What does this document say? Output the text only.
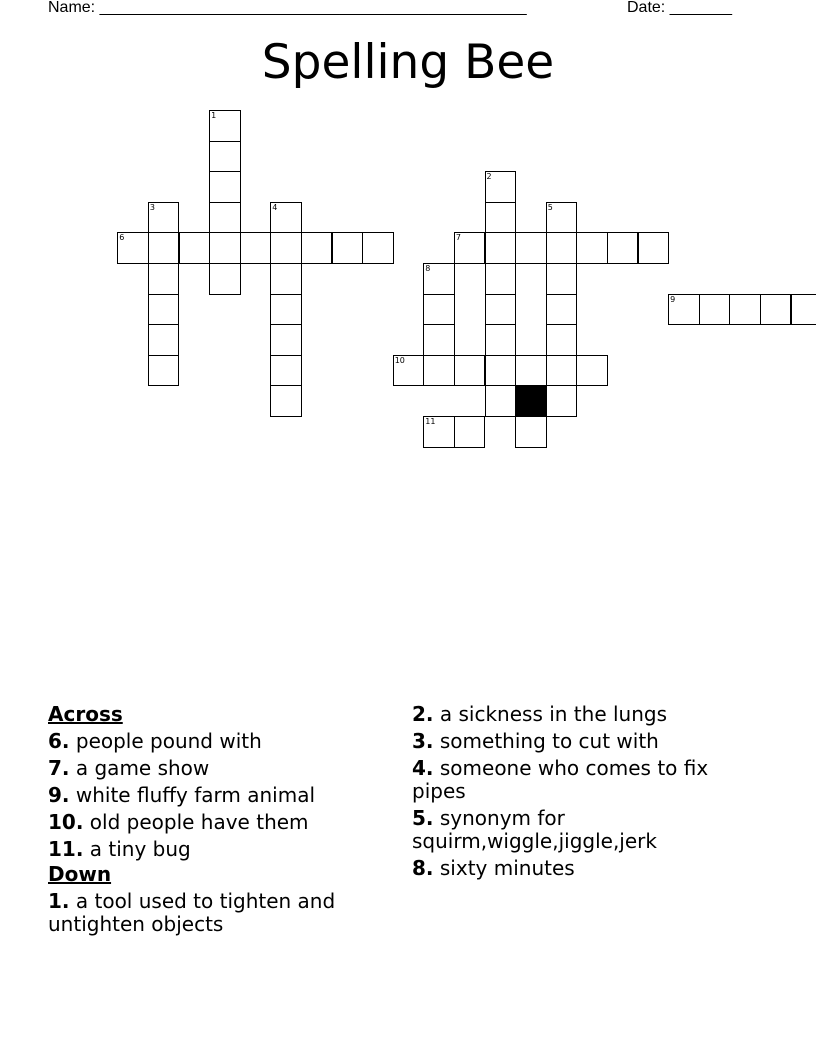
Name: ________________________________________________	Date: _______
Spelling Bee
1
2
3	4	5
6	7
8
9
10
11
Across
6. people pound with
7. a game show
9. white fluffy farm animal
10. old people have them
11. a tiny bug
Down
1. a tool used to tighten and untighten objects
2. a sickness in the lungs
3. something to cut with
4. someone who comes to fix pipes
5. synonym for squirm,wiggle,jiggle,jerk
8. sixty minutes
